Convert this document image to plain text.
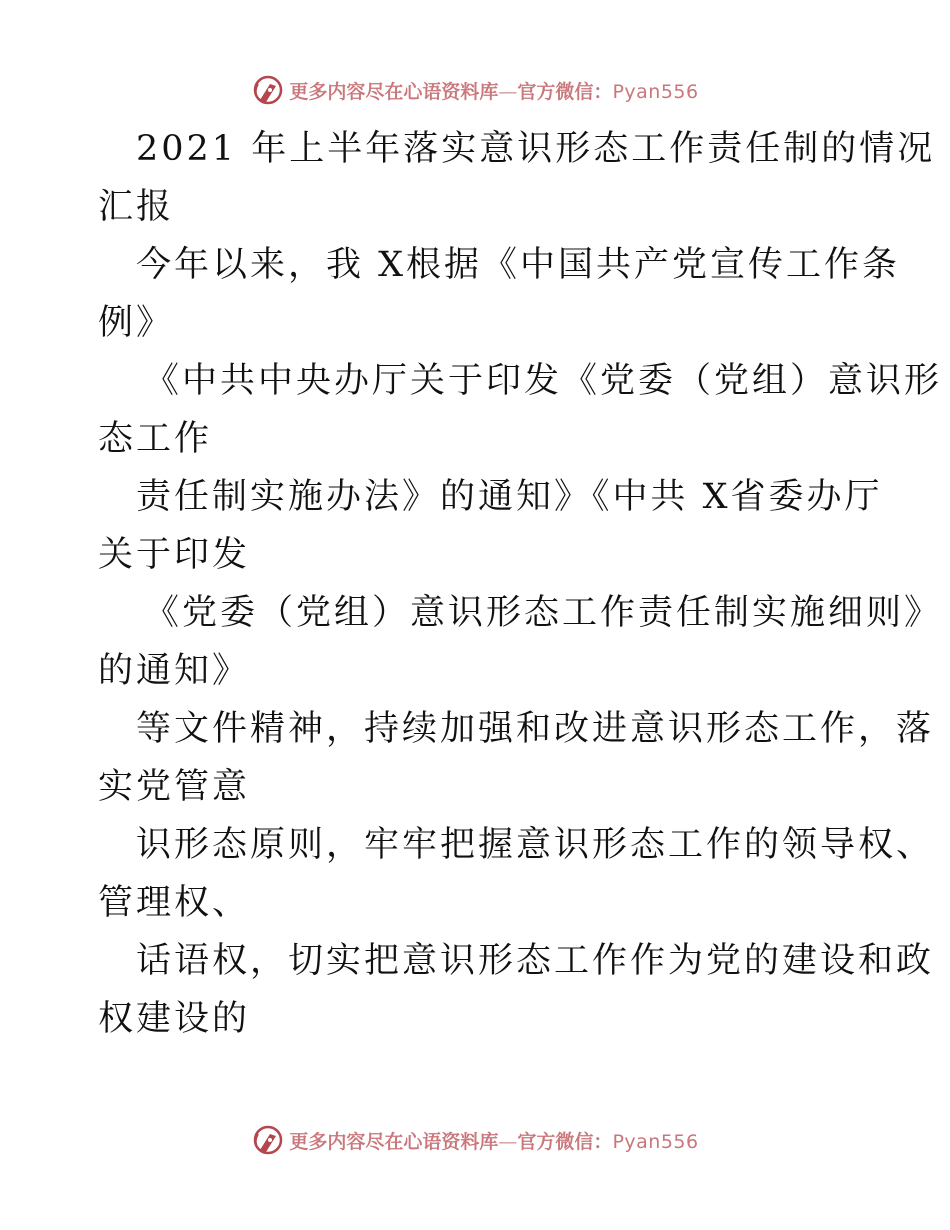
更多内容尽在心语资料库—官方微信：Pyan556
2021 年上半年落实意识形态工作责任制的情况
汇报
今年以来，我 X根据《中国共产党宣传工作条
例》
《中共中央办厅关于印发《党委（党组）意识形
态工作
责任制实施办法》的通知》《中共 X省委办厅
关于印发
《党委（党组）意识形态工作责任制实施细则》
的通知》
等文件精神，持续加强和改进意识形态工作，落
实党管意
识形态原则，牢牢把握意识形态工作的领导权、
管理权、
话语权，切实把意识形态工作作为党的建设和政
权建设的
更多内容尽在心语资料库—官方微信：Pyan556
